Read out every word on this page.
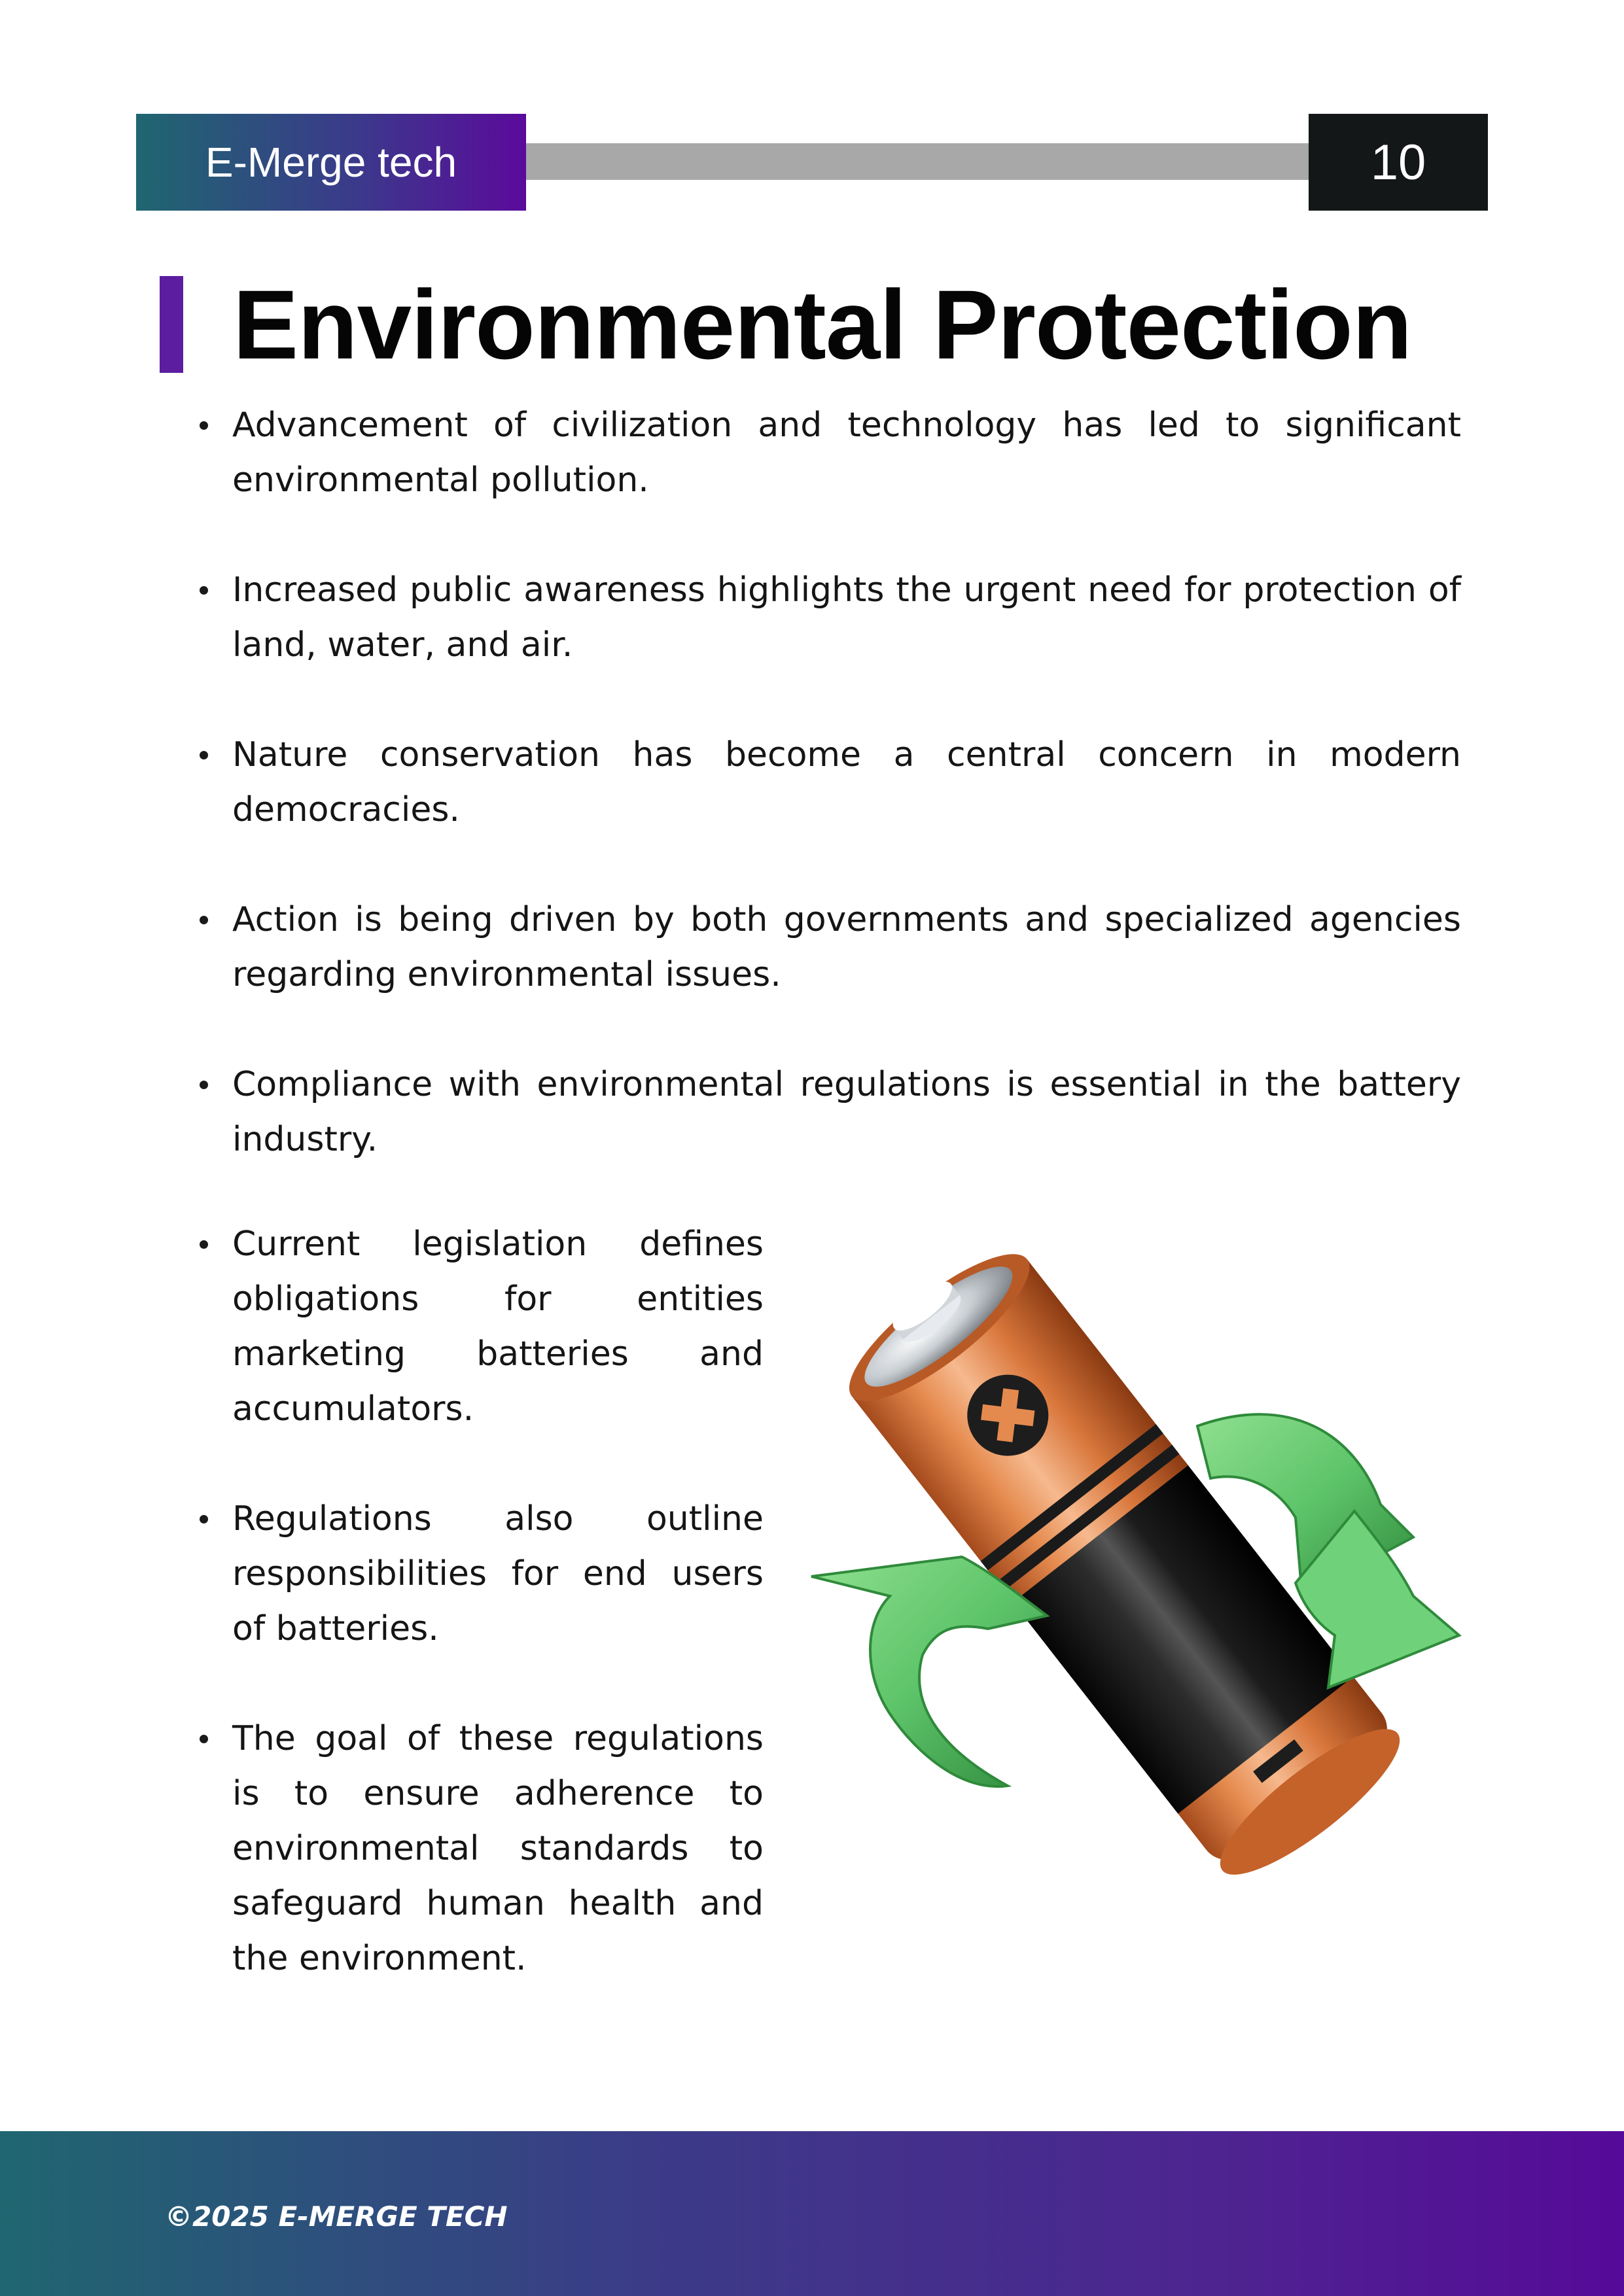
E-Merge tech	10
Environmental Protection
Advancement of civilization and technology has led to significant environmental pollution.
Increased public awareness highlights the urgent need for protection of land, water, and air.
Nature conservation has become a central concern in modern democracies.
Action is being driven by both governments and specialized agencies regarding environmental issues.
Compliance with environmental regulations is essential in the battery industry.
Current legislation defines obligations for entities marketing batteries and accumulators.
Regulations also outline responsibilities for end users of batteries.
The goal of these regulations is to ensure adherence to environmental standards to safeguard human health and the environment.
©2025 E-MERGE TECH
